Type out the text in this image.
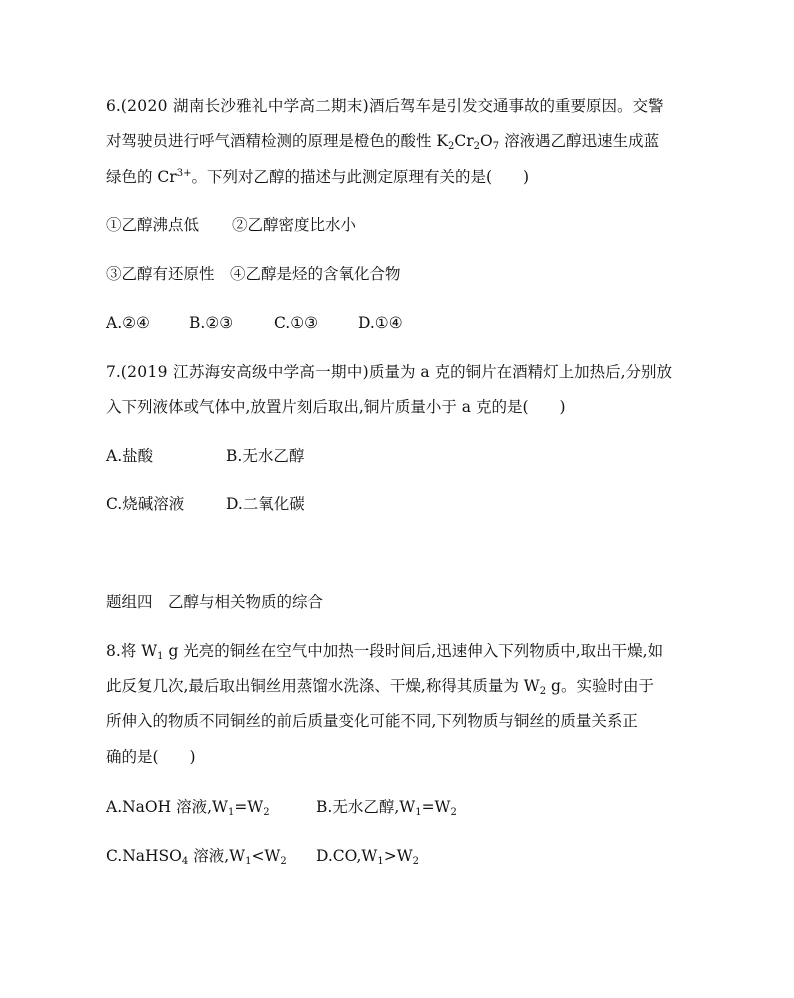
6.(2020 湖南长沙雅礼中学高二期末)酒后驾车是引发交通事故的重要原因。交警
对驾驶员进行呼气酒精检测的原理是橙色的酸性 $K_2Cr_2O_7$ 溶液遇乙醇迅速生成蓝
绿色的 $Cr^{3+}$。下列对乙醇的描述与此测定原理有关的是(　　)
①乙醇沸点低 ②乙醇密度比水小
③乙醇有还原性 ④乙醇是烃的含氧化合物
A.②④	B.②③	C.①③	D.①④
7.(2019 江苏海安高级中学高一期中)质量为 a 克的铜片在酒精灯上加热后,分别放
入下列液体或气体中,放置片刻后取出,铜片质量小于 a 克的是(　　)
A.盐酸	B.无水乙醇
C.烧碱溶液	D.二氧化碳
题组四　乙醇与相关物质的综合
8.将 $W_1$ g 光亮的铜丝在空气中加热一段时间后,迅速伸入下列物质中,取出干燥,如
此反复几次,最后取出铜丝用蒸馏水洗涤、干燥,称得其质量为 $W_2$ g。实验时由于
所伸入的物质不同铜丝的前后质量变化可能不同,下列物质与铜丝的质量关系正
确的是(　　)
A.NaOH 溶液$,W_1=W_2$	B.无水乙醇$,W_1=W_2$
C.NaHSO$_4$ 溶液$,W_1<W_2$ $D.CO,W_1>W_2$
